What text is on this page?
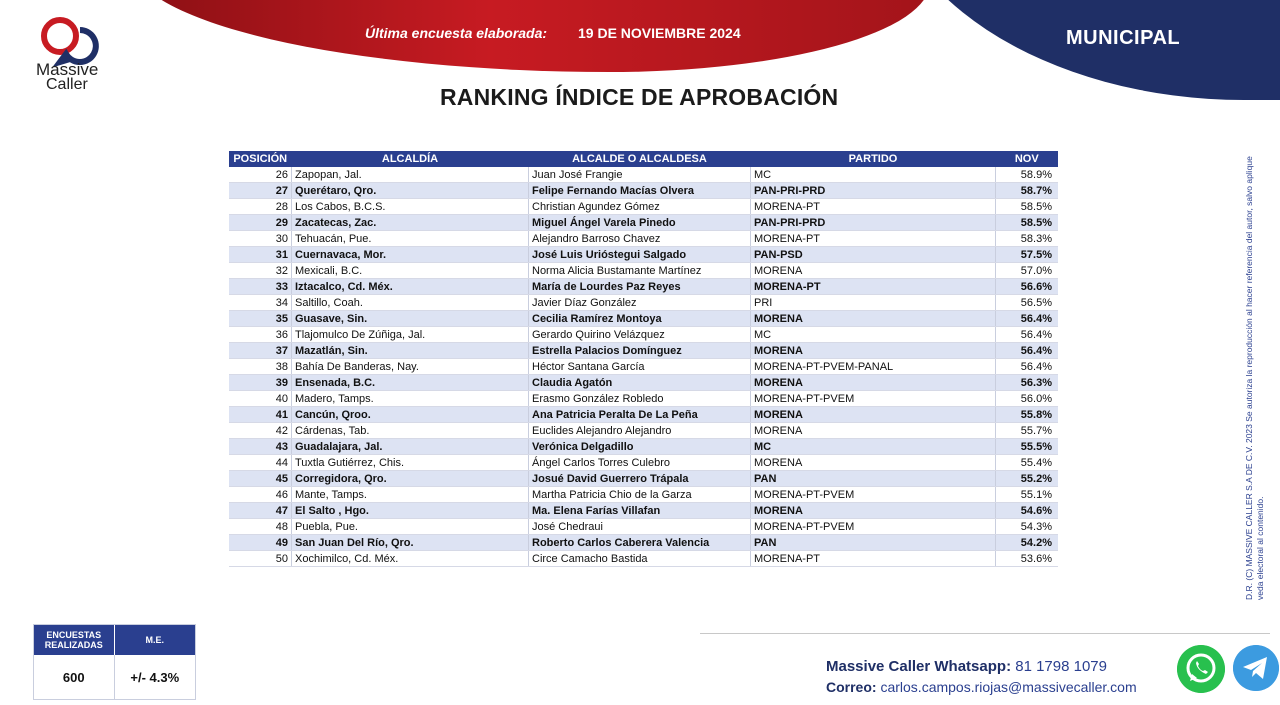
Massive
Caller
Última encuesta elaborada: 19 DE NOVIEMBRE 2024	MUNICIPAL
RANKING ÍNDICE DE APROBACIÓN
POSICIÓN	ALCALDÍA	ALCALDE O ALCALDESA	PARTIDO	NOV
26	Zapopan, Jal.	Juan José Frangie	MC	58.9%
27	Querétaro, Qro.	Felipe Fernando Macías Olvera	PAN-PRI-PRD	58.7%
28	Los Cabos, B.C.S.	Christian Agundez Gómez	MORENA-PT	58.5%
29	Zacatecas, Zac.	Miguel Ángel Varela Pinedo	PAN-PRI-PRD	58.5%
30	Tehuacán, Pue.	Alejandro Barroso Chavez	MORENA-PT	58.3%
31	Cuernavaca, Mor.	José Luis Urióstegui Salgado	PAN-PSD	57.5%
32	Mexicali, B.C.	Norma Alicia Bustamante Martínez	MORENA	57.0%
33	Iztacalco, Cd. Méx.	María de Lourdes Paz Reyes	MORENA-PT	56.6%
34	Saltillo, Coah.	Javier Díaz González	PRI	56.5%
35	Guasave, Sin.	Cecilia Ramírez Montoya	MORENA	56.4%
36	Tlajomulco De Zúñiga, Jal.	Gerardo Quirino Velázquez	MC	56.4%
37	Mazatlán, Sin.	Estrella Palacios Domínguez	MORENA	56.4%
38	Bahía De Banderas, Nay.	Héctor Santana García	MORENA-PT-PVEM-PANAL	56.4%
39	Ensenada, B.C.	Claudia Agatón	MORENA	56.3%
40	Madero, Tamps.	Erasmo González Robledo	MORENA-PT-PVEM	56.0%
41	Cancún, Qroo.	Ana Patricia Peralta De La Peña	MORENA	55.8%
42	Cárdenas, Tab.	Euclides Alejandro Alejandro	MORENA	55.7%
43	Guadalajara, Jal.	Verónica Delgadillo	MC	55.5%
44	Tuxtla Gutiérrez, Chis.	Ángel Carlos Torres Culebro	MORENA	55.4%
45	Corregidora, Qro.	Josué David Guerrero Trápala	PAN	55.2%
46	Mante, Tamps.	Martha Patricia Chio de la Garza	MORENA-PT-PVEM	55.1%
47	El Salto , Hgo.	Ma. Elena Farías Villafan	MORENA	54.6%
48	Puebla, Pue.	José Chedraui	MORENA-PT-PVEM	54.3%
49	San Juan Del Río, Qro.	Roberto Carlos Caberera Valencia	PAN	54.2%
50	Xochimilco, Cd. Méx.	Circe Camacho Bastida	MORENA-PT	53.6%	D.R. (C) MASSIVE CALLER S.A DE C.V. 2023 Se autoriza la reproducción al hacer referencia del autor, salvo aplique veda electoral al contenido.
ENCUESTAS REALIZADAS	M.E.
600	+/- 4.3%
Massive Caller Whatsapp: 81 1798 1079
Correo: carlos.campos.riojas@massivecaller.com
